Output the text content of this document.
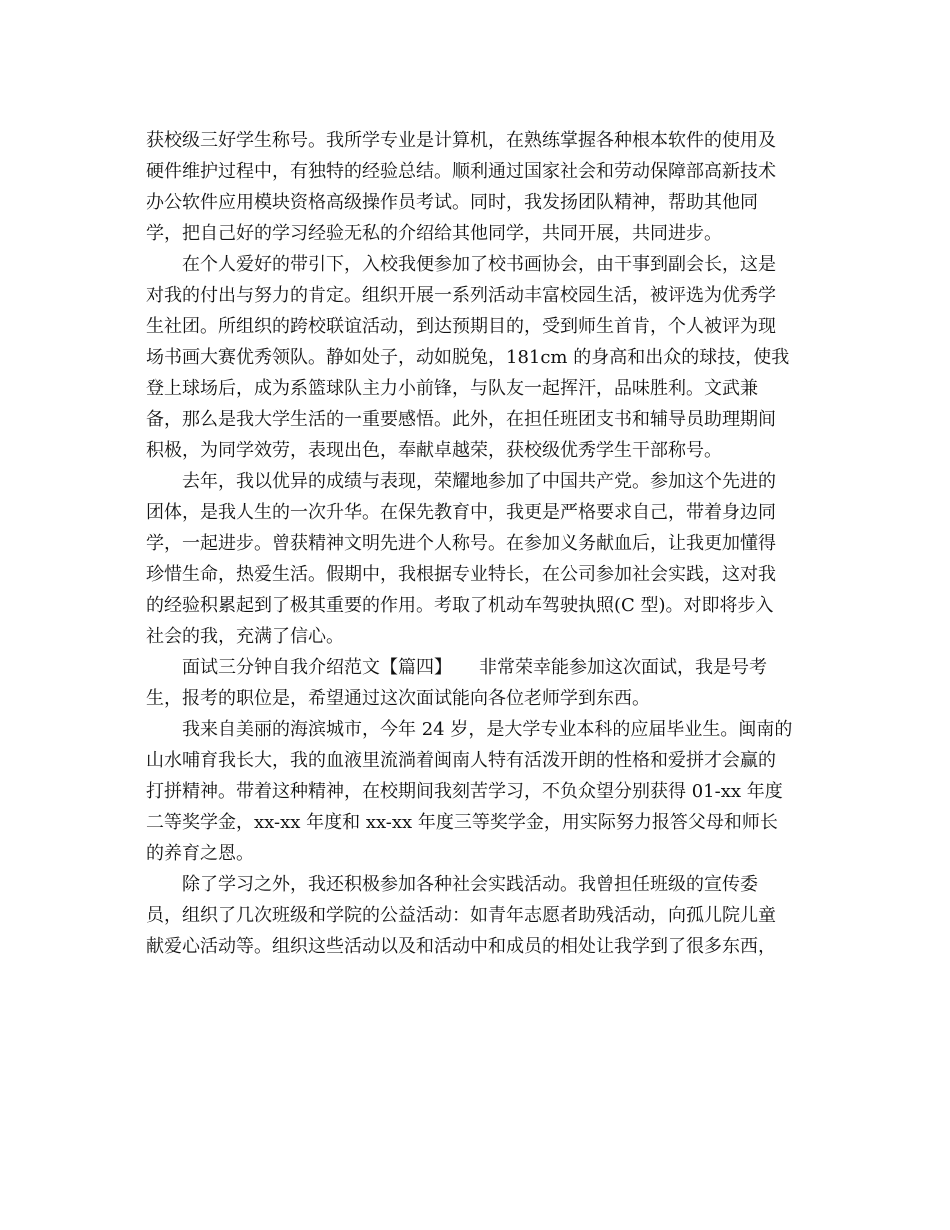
获校级三好学生称号。我所学专业是计算机，在熟练掌握各种根本软件的使用及
硬件维护过程中，有独特的经验总结。顺利通过国家社会和劳动保障部高新技术
办公软件应用模块资格高级操作员考试。同时，我发扬团队精神，帮助其他同
学，把自己好的学习经验无私的介绍给其他同学，共同开展，共同进步。
　　在个人爱好的带引下，入校我便参加了校书画协会，由干事到副会长，这是
对我的付出与努力的肯定。组织开展一系列活动丰富校园生活，被评选为优秀学
生社团。所组织的跨校联谊活动，到达预期目的，受到师生首肯，个人被评为现
场书画大赛优秀领队。静如处子，动如脱兔，181cm 的身高和出众的球技，使我
登上球场后，成为系篮球队主力小前锋，与队友一起挥汗，品味胜利。文武兼
备，那么是我大学生活的一重要感悟。此外，在担任班团支书和辅导员助理期间
积极，为同学效劳，表现出色，奉献卓越荣，获校级优秀学生干部称号。
　　去年，我以优异的成绩与表现，荣耀地参加了中国共产党。参加这个先进的
团体，是我人生的一次升华。在保先教育中，我更是严格要求自己，带着身边同
学，一起进步。曾获精神文明先进个人称号。在参加义务献血后，让我更加懂得
珍惜生命，热爱生活。假期中，我根据专业特长，在公司参加社会实践，这对我
的经验积累起到了极其重要的作用。考取了机动车驾驶执照(C 型)。对即将步入
社会的我，充满了信心。
　　面试三分钟自我介绍范文【篇四】　　非常荣幸能参加这次面试，我是号考
生，报考的职位是，希望通过这次面试能向各位老师学到东西。
　　我来自美丽的海滨城市，今年 24 岁，是大学专业本科的应届毕业生。闽南的
山水哺育我长大，我的血液里流淌着闽南人特有活泼开朗的性格和爱拼才会赢的
打拼精神。带着这种精神，在校期间我刻苦学习，不负众望分别获得 01-xx 年度
二等奖学金，xx-xx 年度和 xx-xx 年度三等奖学金，用实际努力报答父母和师长
的养育之恩。
　　除了学习之外，我还积极参加各种社会实践活动。我曾担任班级的宣传委
员，组织了几次班级和学院的公益活动：如青年志愿者助残活动，向孤儿院儿童
献爱心活动等。组织这些活动以及和活动中和成员的相处让我学到了很多东西，
